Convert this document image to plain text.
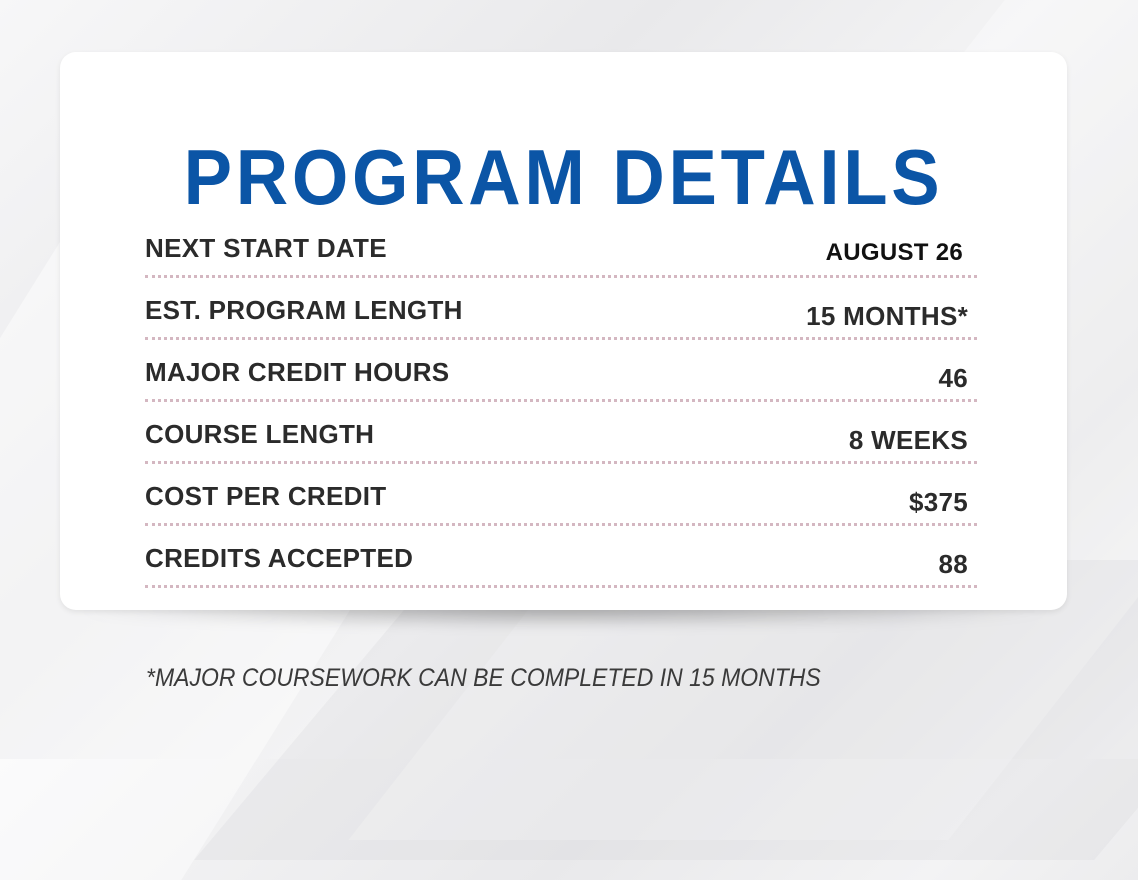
PROGRAM DETAILS
NEXT START DATE	AUGUST 26
EST. PROGRAM LENGTH	15 MONTHS*
MAJOR CREDIT HOURS	46
COURSE LENGTH	8 WEEKS
COST PER CREDIT	$375
CREDITS ACCEPTED	88
*MAJOR COURSEWORK CAN BE COMPLETED IN 15 MONTHS
